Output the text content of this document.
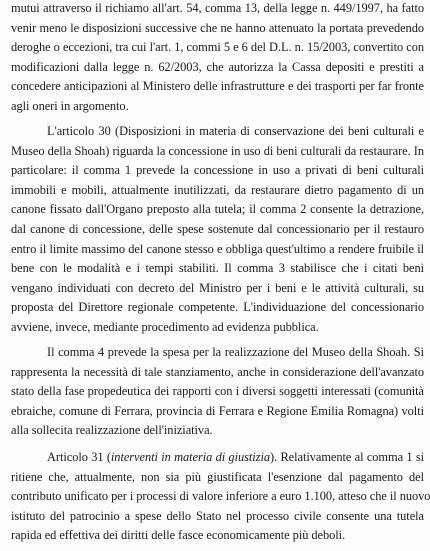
mutui attraverso il richiamo all'art. 54, comma 13, della legge n. 449/1997, ha fatto
venir meno le disposizioni successive che ne hanno attenuato la portata prevedendo
deroghe o eccezioni, tra cui l'art. 1, commi 5 e 6 del D.L. n. 15/2003, convertito con
modificazioni dalla legge n. 62/2003, che autorizza la Cassa depositi e prestiti a
concedere anticipazioni al Ministero delle infrastrutture e dei trasporti per far fronte
agli oneri in argomento.
L'articolo 30 (Disposizioni in materia di conservazione dei beni culturali e
Museo della Shoah) riguarda la concessione in uso di beni culturali da restaurare. In
particolare: il comma 1 prevede la concessione in uso a privati di beni culturali
immobili e mobili, attualmente inutilizzati, da restaurare dietro pagamento di un
canone fissato dall'Organo preposto alla tutela; il comma 2 consente la detrazione,
dal canone di concessione, delle spese sostenute dal concessionario per il restauro
entro il limite massimo del canone stesso e obbliga quest'ultimo a rendere fruibile il
bene con le modalità e i tempi stabiliti. Il comma 3 stabilisce che i citati beni
vengano individuati con decreto del Ministro per i beni e le attività culturali, su
proposta del Direttore regionale competente. L'individuazione del concessionario
avviene, invece, mediante procedimento ad evidenza pubblica.
Il comma 4 prevede la spesa per la realizzazione del Museo della Shoah. Si
rappresenta la necessità di tale stanziamento, anche in considerazione dell'avanzato
stato della fase propedeutica dei rapporti con i diversi soggetti interessati (comunità
ebraiche, comune di Ferrara, provincia di Ferrara e Regione Emilia Romagna) volti
alla sollecita realizzazione dell'iniziativa.
Articolo 31 (interventi in materia di giustizia). Relativamente al comma 1 si
ritiene che, attualmente, non sia più giustificata l'esenzione dal pagamento del
contributo unificato per i processi di valore inferiore a euro 1.100, atteso che il nuovo
istituto del patrocinio a spese dello Stato nel processo civile consente una tutela
rapida ed effettiva dei diritti delle fasce economicamente più deboli.
